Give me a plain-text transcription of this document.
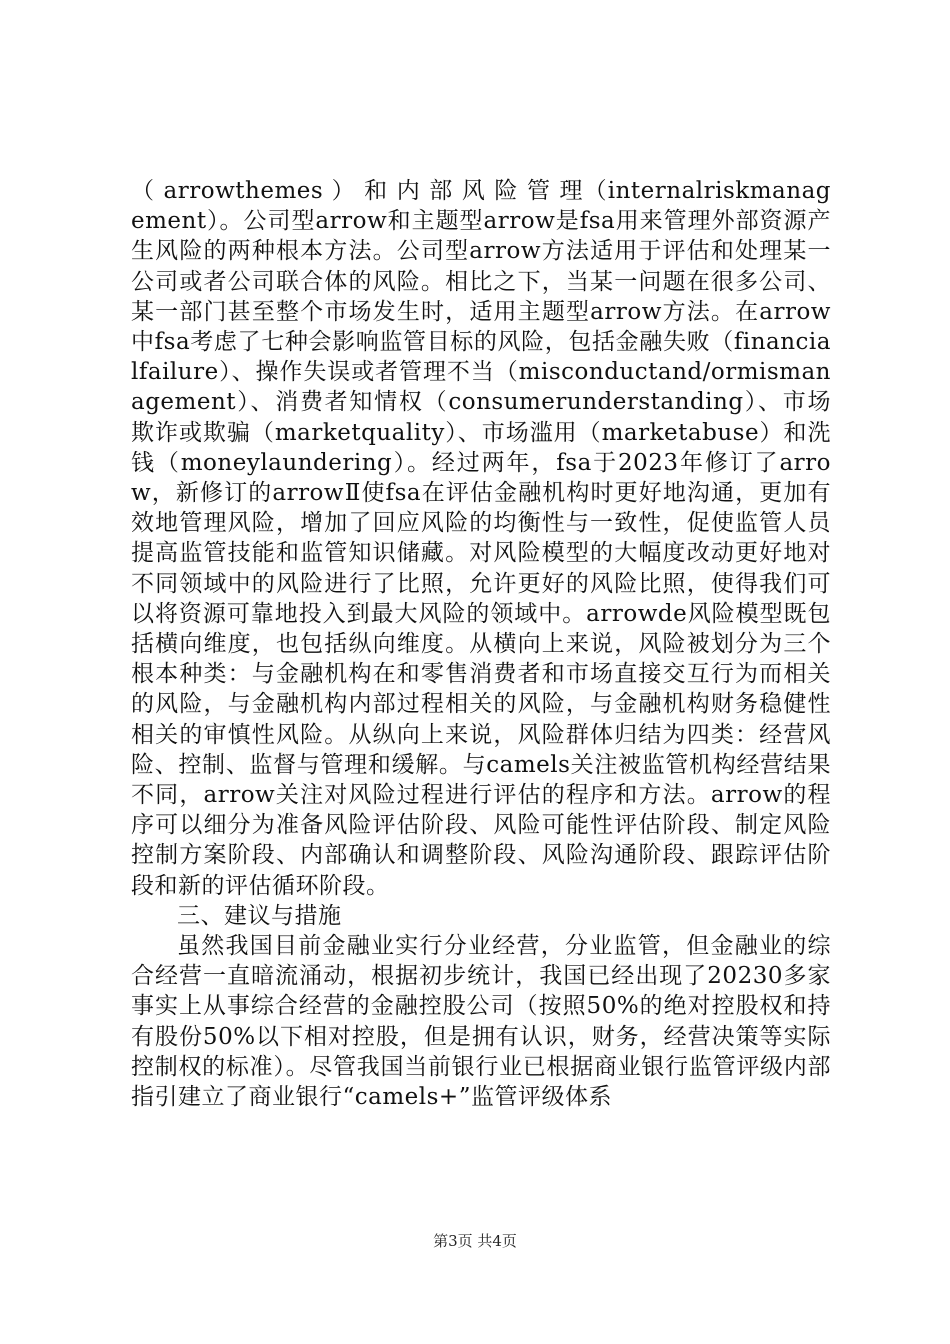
（ arrowthemes ） 和 内 部 风 险 管 理（internalriskmanagement）。公司型arrow和主题型arrow是fsa用来管理外部资源产生风险的两种根本方法。公司型arrow方法适用于评估和处理某一公司或者公司联合体的风险。相比之下，当某一问题在很多公司、某一部门甚至整个市场发生时，适用主题型arrow方法。在arrow中fsa考虑了七种会影响监管目标的风险，包括金融失败（financialfailure）、操作失误或者管理不当（misconductand/ormismanagement）、消费者知情权（consumerunderstanding）、市场欺诈或欺骗（marketquality）、市场滥用（marketabuse）和洗钱（moneylaundering）。经过两年，fsa于2023年修订了arrow，新修订的arrowⅡ使fsa在评估金融机构时更好地沟通，更加有效地管理风险，增加了回应风险的均衡性与一致性，促使监管人员提高监管技能和监管知识储藏。对风险模型的大幅度改动更好地对不同领域中的风险进行了比照，允许更好的风险比照，使得我们可以将资源可靠地投入到最大风险的领域中。arrowde风险模型既包括横向维度，也包括纵向维度。从横向上来说，风险被划分为三个根本种类：与金融机构在和零售消费者和市场直接交互行为而相关的风险，与金融机构内部过程相关的风险，与金融机构财务稳健性相关的审慎性风险。从纵向上来说，风险群体归结为四类：经营风险、控制、监督与管理和缓解。与camels关注被监管机构经营结果不同，arrow关注对风险过程进行评估的程序和方法。arrow的程序可以细分为准备风险评估阶段、风险可能性评估阶段、制定风险控制方案阶段、内部确认和调整阶段、风险沟通阶段、跟踪评估阶段和新的评估循环阶段。

三、建议与措施

虽然我国目前金融业实行分业经营，分业监管，但金融业的综合经营一直暗流涌动，根据初步统计，我国已经出现了20230多家事实上从事综合经营的金融控股公司（按照50%的绝对控股权和持有股份50%以下相对控股，但是拥有认识，财务，经营决策等实际控制权的标准）。尽管我国当前银行业已根据商业银行监管评级内部指引建立了商业银行“camels+”监管评级体系

第3页 共4页
